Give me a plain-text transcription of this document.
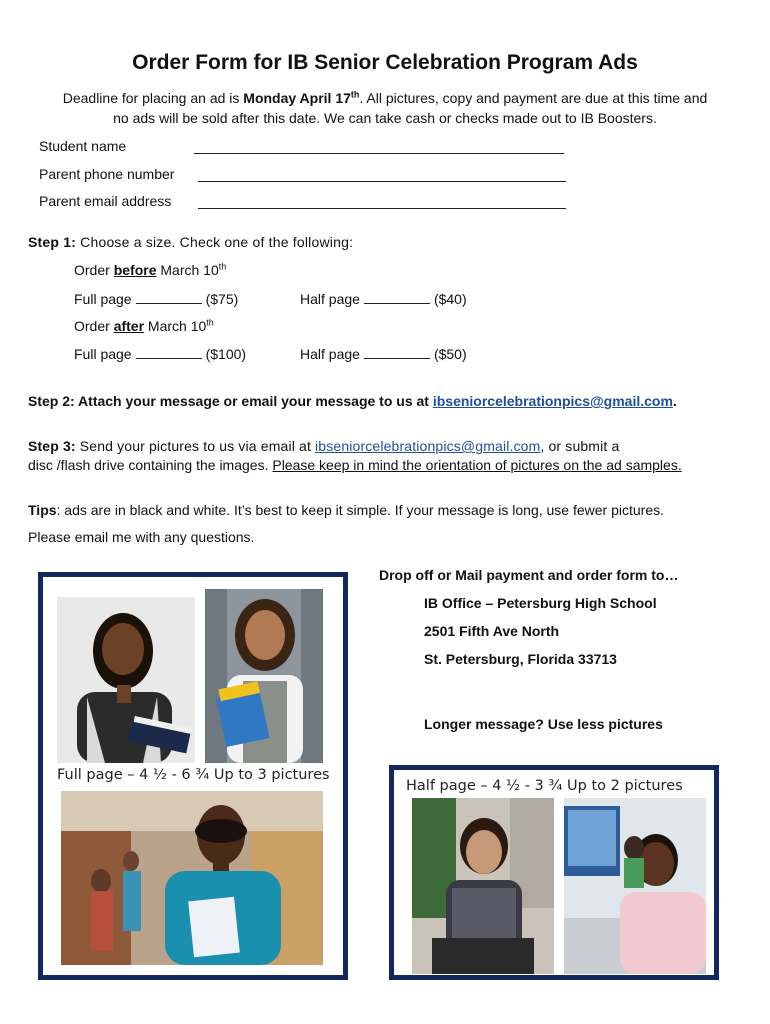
Order Form for IB Senior Celebration Program Ads
Deadline for placing an ad is Monday April 17th. All pictures, copy and payment are due at this time and
no ads will be sold after this date. We can take cash or checks made out to IB Boosters.
Student name
Parent phone number
Parent email address
Step 1: Choose a size. Check one of the following:
Order before March 10th
Full page	($75)	Half page	($40)
Order after March 10th
Full page	($100)	Half page	($50)
Step 2: Attach your message or email your message to us at ibseniorcelebrationpics@gmail.com.
Step 3: Send your pictures to us via email at ibseniorcelebrationpics@gmail.com, or submit a
disc /flash drive containing the images. Please keep in mind the orientation of pictures on the ad samples.
Tips: ads are in black and white. It’s best to keep it simple. If your message is long, use fewer pictures.
Please email me with any questions.
Drop off or Mail payment and order form to…
IB Office – Petersburg High School
2501 Fifth Ave North
St. Petersburg, Florida 33713
Longer message? Use less pictures
Full page – 4 ½ - 6 ¾ Up to 3 pictures
Half page – 4 ½ - 3 ¾ Up to 2 pictures
